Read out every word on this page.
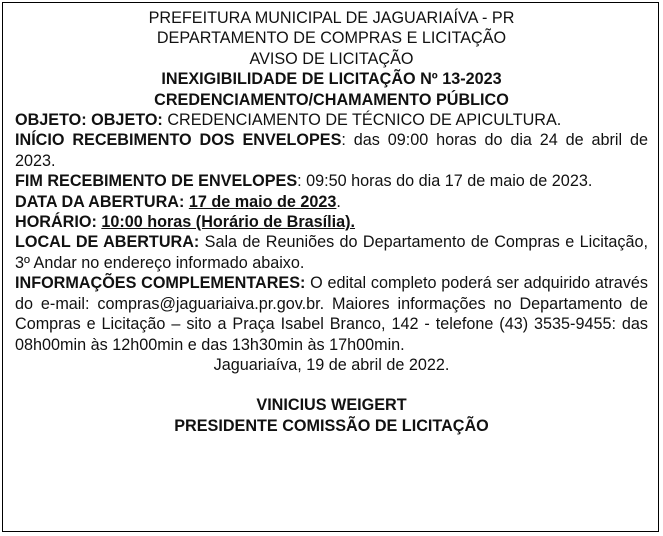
PREFEITURA MUNICIPAL DE JAGUARIAÍVA - PR

DEPARTAMENTO DE COMPRAS E LICITAÇÃO

AVISO DE LICITAÇÃO

INEXIGIBILIDADE DE LICITAÇÃO Nº 13-2023

CREDENCIAMENTO/CHAMAMENTO PÚBLICO

OBJETO: OBJETO: CREDENCIAMENTO DE TÉCNICO DE APICULTURA.

INÍCIO RECEBIMENTO DOS ENVELOPES: das 09:00 horas do dia 24 de abril de 2023.

FIM RECEBIMENTO DE ENVELOPES: 09:50 horas do dia 17 de maio de 2023.

DATA DA ABERTURA: 17 de maio de 2023.

HORÁRIO: 10:00 horas (Horário de Brasília).

LOCAL DE ABERTURA: Sala de Reuniões do Departamento de Compras e Licitação, 3º Andar no endereço informado abaixo.

INFORMAÇÕES COMPLEMENTARES: O edital completo poderá ser adquirido através do e-mail: compras@jaguariaiva.pr.gov.br. Maiores informações no Departamento de Compras e Licitação – sito a Praça Isabel Branco, 142 - telefone (43) 3535-9455: das 08h00min às 12h00min e das 13h30min às 17h00min.

Jaguariaíva, 19 de abril de 2022.

VINICIUS WEIGERT

PRESIDENTE COMISSÃO DE LICITAÇÃO
